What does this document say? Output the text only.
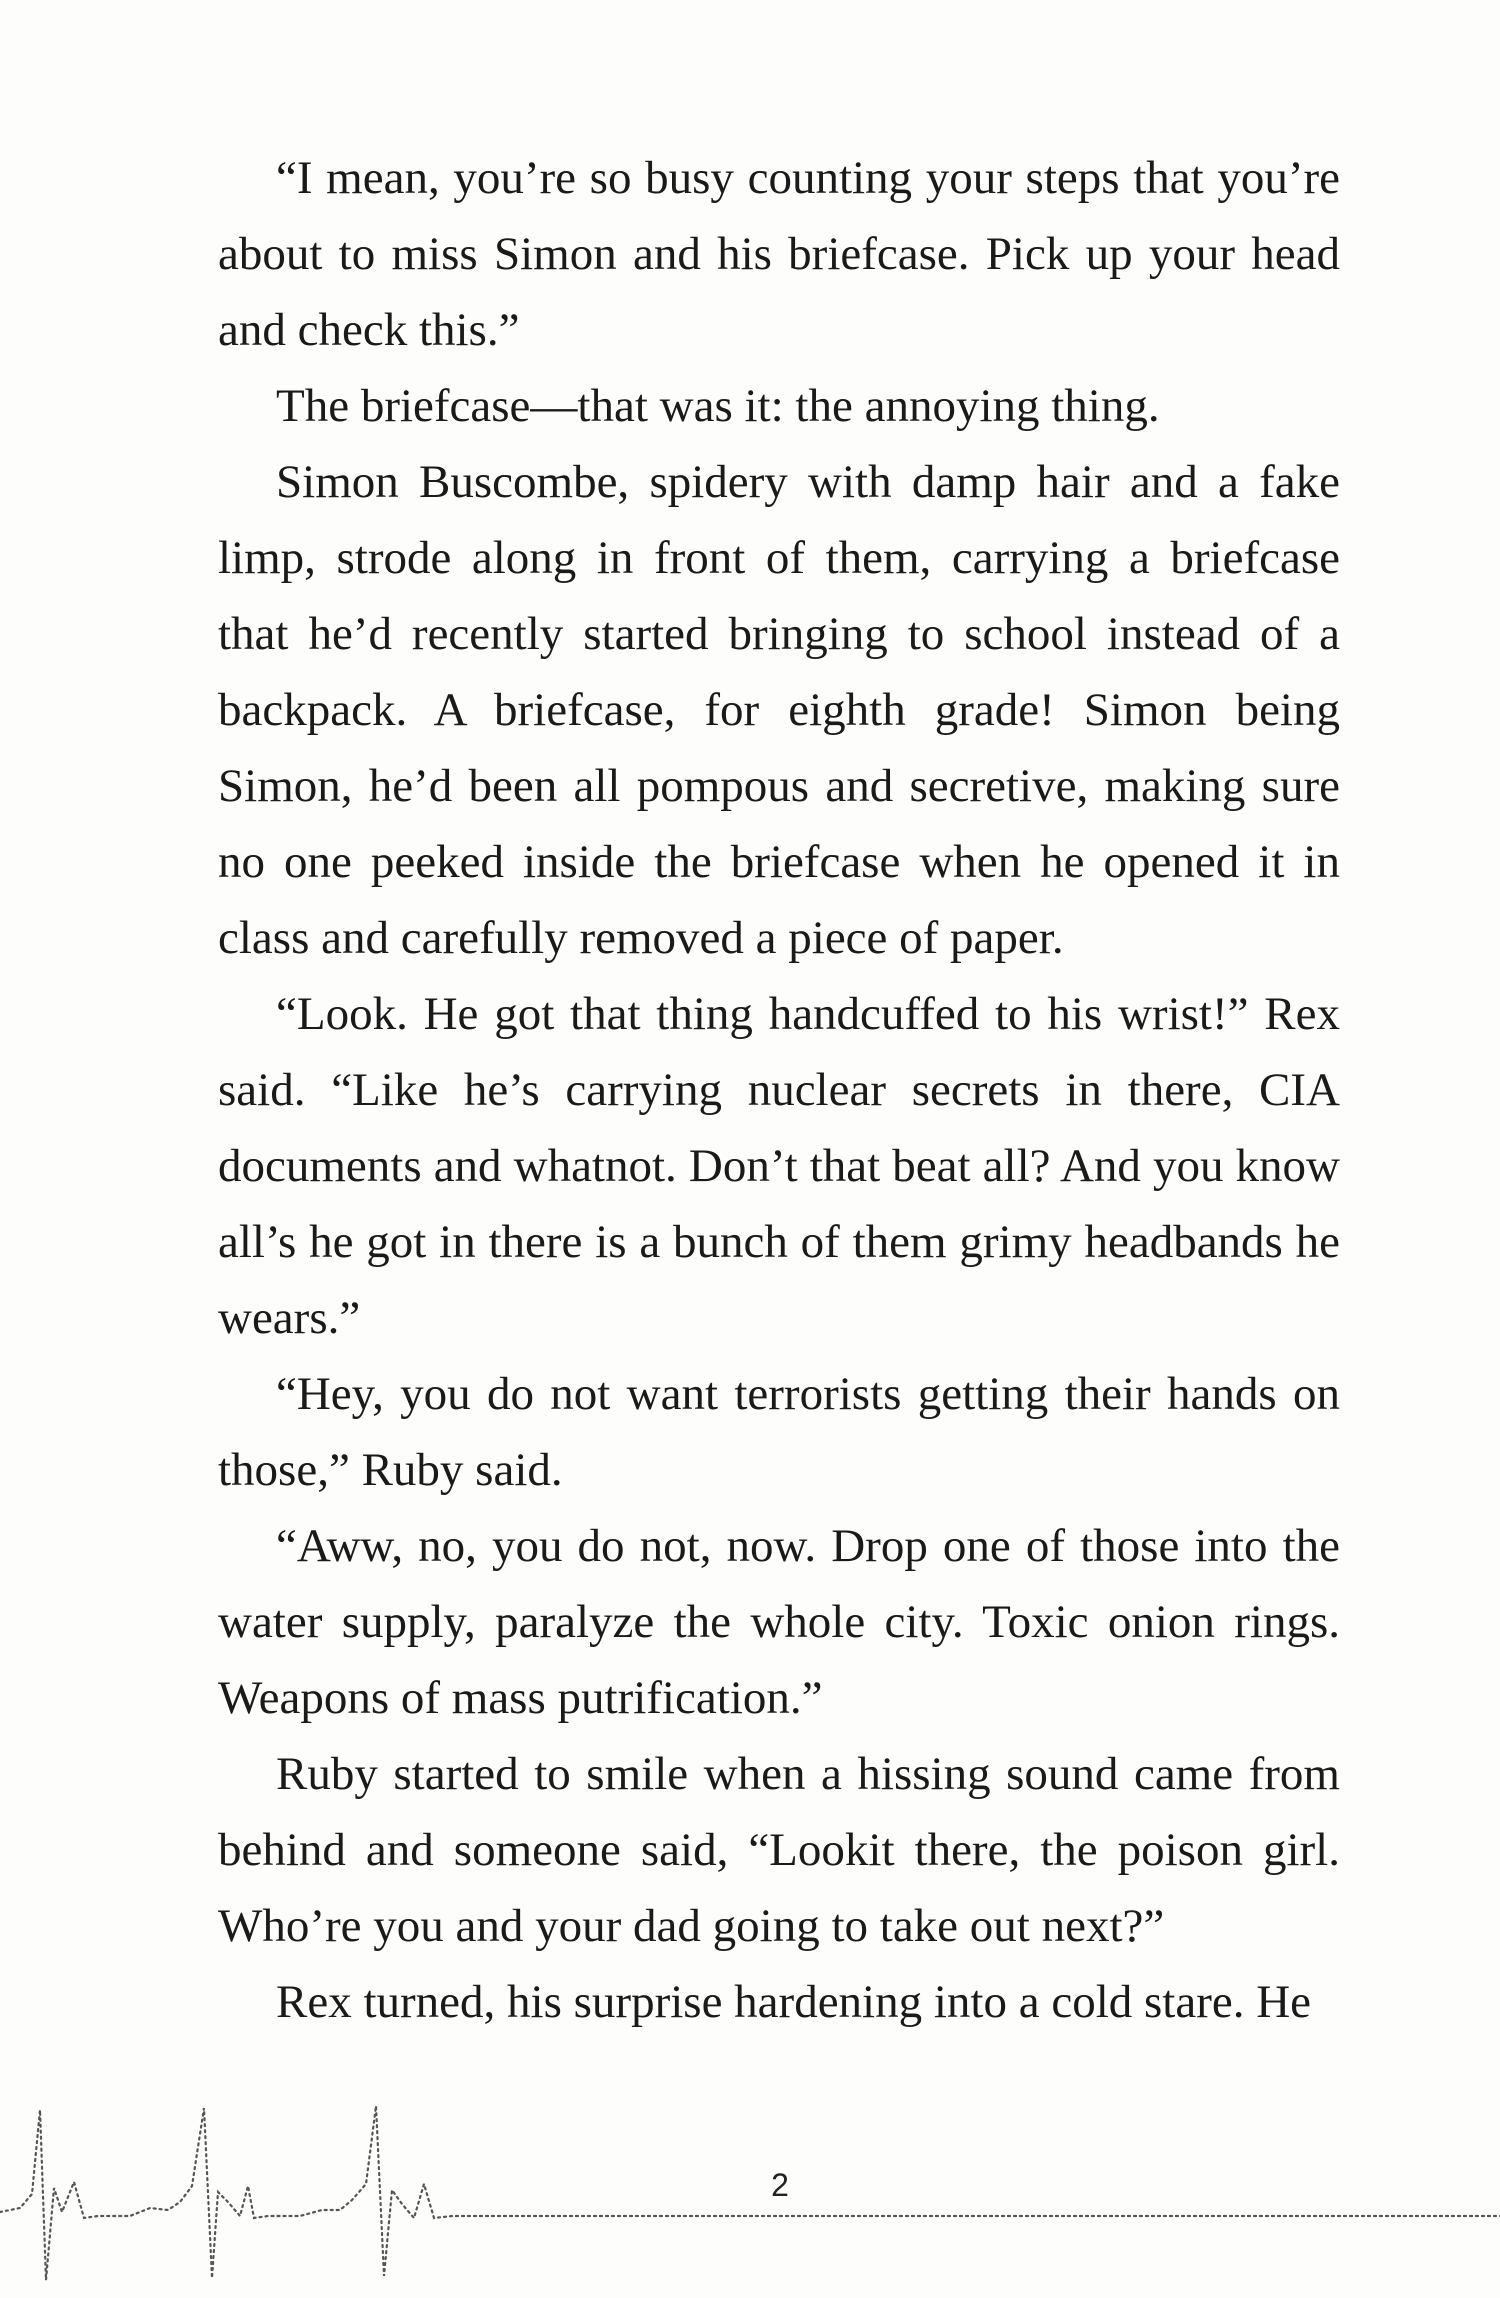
“I mean, you’re so busy counting your steps that you’re about to miss Simon and his briefcase. Pick up your head and check this.”

The briefcase—that was it: the annoying thing.

Simon Buscombe, spidery with damp hair and a fake limp, strode along in front of them, carrying a briefcase that he’d recently started bringing to school instead of a backpack. A briefcase, for eighth grade! Simon being Simon, he’d been all pompous and secretive, making sure no one peeked inside the briefcase when he opened it in class and carefully removed a piece of paper.

“Look. He got that thing handcuffed to his wrist!” Rex said. “Like he’s carrying nuclear secrets in there, CIA documents and whatnot. Don’t that beat all? And you know all’s he got in there is a bunch of them grimy headbands he wears.”

“Hey, you do not want terrorists getting their hands on those,” Ruby said.

“Aww, no, you do not, now. Drop one of those into the water supply, paralyze the whole city. Toxic onion rings. Weapons of mass putrification.”

Ruby started to smile when a hissing sound came from behind and someone said, “Lookit there, the poison girl. Who’re you and your dad going to take out next?”

Rex turned, his surprise hardening into a cold stare. He

2
